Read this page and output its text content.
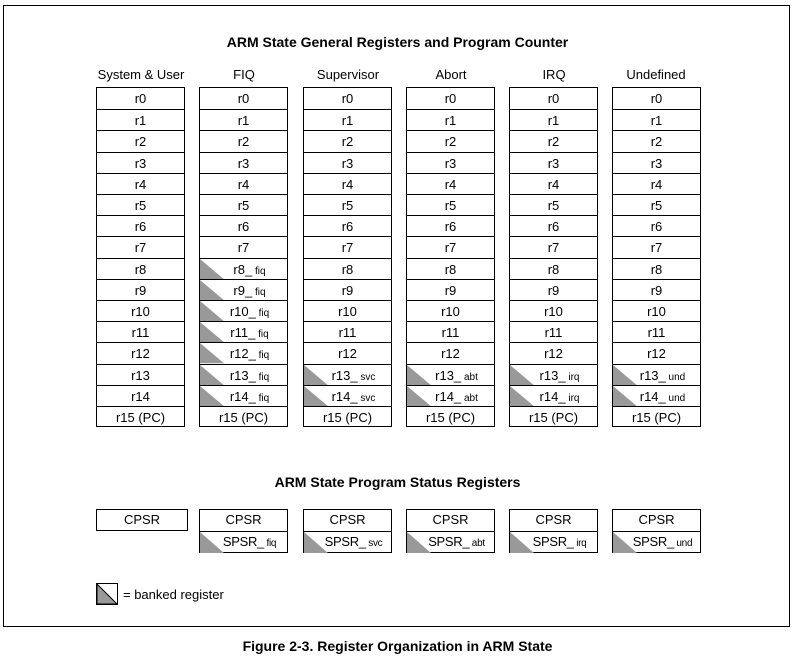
ARM State General Registers and Program Counter
System & User
r0
r1
r2
r3
r4
r5
r6
r7
r8
r9
r10
r11
r12
r13
r14
r15 (PC)
FIQ
r0
r1
r2
r3
r4
r5
r6
r7
r8_ fiq
r9_ fiq
r10_ fiq
r11_ fiq
r12_ fiq
r13_ fiq
r14_ fiq
r15 (PC)
Supervisor
r0
r1
r2
r3
r4
r5
r6
r7
r8
r9
r10
r11
r12
r13_ svc
r14_ svc
r15 (PC)
Abort
r0
r1
r2
r3
r4
r5
r6
r7
r8
r9
r10
r11
r12
r13_ abt
r14_ abt
r15 (PC)
IRQ
r0
r1
r2
r3
r4
r5
r6
r7
r8
r9
r10
r11
r12
r13_ irq
r14_ irq
r15 (PC)
Undefined
r0
r1
r2
r3
r4
r5
r6
r7
r8
r9
r10
r11
r12
r13_ und
r14_ und
r15 (PC)
ARM State Program Status Registers
CPSR	CPSR
SPSR_ fiq
CPSR
SPSR_ svc
CPSR
SPSR_ abt
CPSR
SPSR_ irq
CPSR
SPSR_ und
= banked register
Figure 2-3. Register Organization in ARM State
